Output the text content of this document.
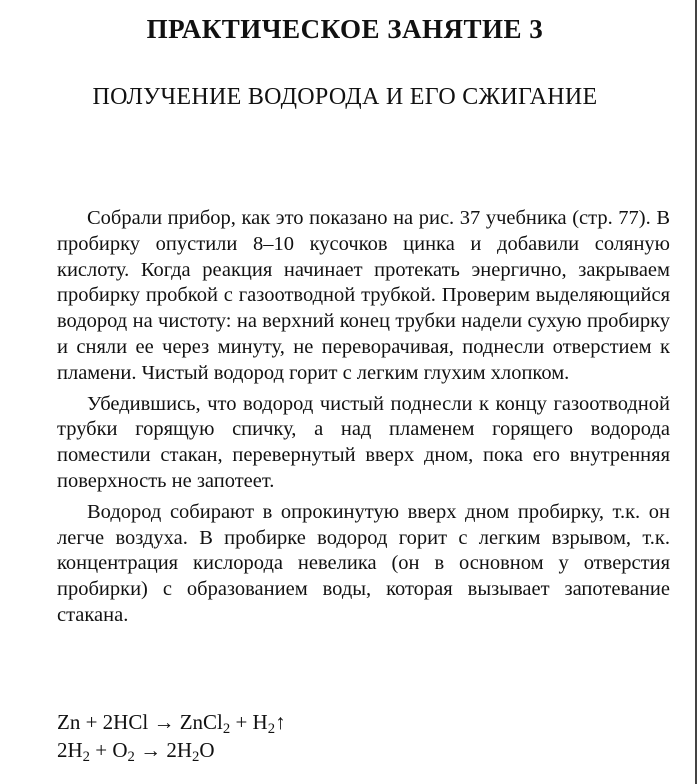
ПРАКТИЧЕСКОЕ ЗАНЯТИЕ 3
ПОЛУЧЕНИЕ ВОДОРОДА И ЕГО СЖИГАНИЕ

Собрали прибор, как это показано на рис. 37 учебника (стр. 77). В пробирку опустили 8–10 кусочков цинка и добавили соляную кислоту. Когда реакция начинает протекать энергично, закрываем пробирку пробкой с газоотводной трубкой. Проверим выделяющийся водород на чистоту: на верхний конец трубки надели сухую пробирку и сняли ее через минуту, не переворачивая, поднесли отверстием к пламени. Чистый водород горит с легким глухим хлопком.

Убедившись, что водород чистый поднесли к концу газоотводной трубки горящую спичку, а над пламенем горящего водорода поместили стакан, перевернутый вверх дном, пока его внутренняя поверхность не запотеет.

Водород собирают в опрокинутую вверх дном пробирку, т.к. он легче воздуха. В пробирке водород горит с легким взрывом, т.к. концентрация кислорода невелика (он в основном у отверстия пробирки) с образованием воды, которая вызывает запотевание стакана.

Zn + 2HCl → ZnCl$_2$ + $H_2↑$
$2H_2 + O_2 \to 2H_2O$
